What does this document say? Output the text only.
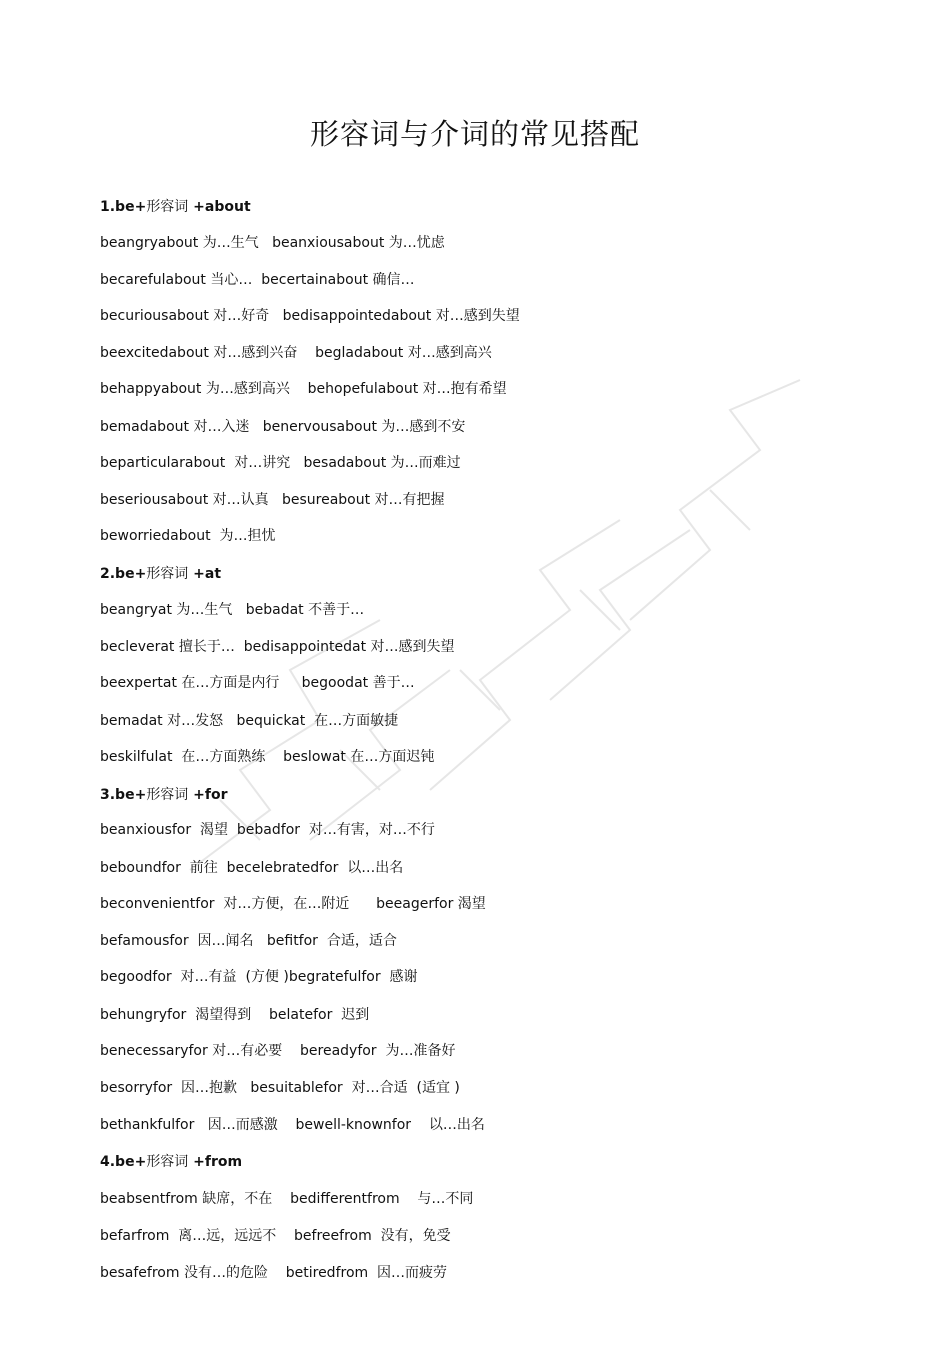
形容词与介词的常见搭配
1.be+形容词 +about
beangryabout 为…生气   beanxiousabout 为…忧虑
becarefulabout 当心…  becertainabout 确信…
becuriousabout 对…好奇   bedisappointedabout 对…感到失望
beexcitedabout 对…感到兴奋    begladabout 对…感到高兴
behappyabout 为…感到高兴    behopefulabout 对…抱有希望
bemadabout 对…入迷   benervousabout 为…感到不安
beparticularabout  对…讲究   besadabout 为…而难过
beseriousabout 对…认真   besureabout 对…有把握
beworriedabout  为…担忧
2.be+形容词 +at
beangryat 为…生气   bebadat 不善于…
becleverat 擅长于…  bedisappointedat 对…感到失望
beexpertat 在…方面是内行     begoodat 善于…
bemadat 对…发怒   bequickat  在…方面敏捷
beskilfulat  在…方面熟练    beslowat 在…方面迟钝
3.be+形容词 +for
beanxiousfor  渴望  bebadfor  对…有害，对…不行
beboundfor  前往  becelebratedfor  以…出名
beconvenientfor  对…方便，在…附近      beeagerfor 渴望
befamousfor  因…闻名   befitfor  合适，适合
begoodfor  对…有益  (方便 )begratefulfor  感谢
behungryfor  渴望得到    belatefor  迟到
benecessaryfor 对…有必要    bereadyfor  为…准备好
besorryfor  因…抱歉   besuitablefor  对…合适  (适宜 )
bethankfulfor   因…而感激    bewell-knownfor    以…出名
4.be+形容词 +from
beabsentfrom 缺席，不在    bedifferentfrom    与…不同
befarfrom  离…远，远远不    befreefrom  没有，免受
besafefrom 没有…的危险    betiredfrom  因…而疲劳
